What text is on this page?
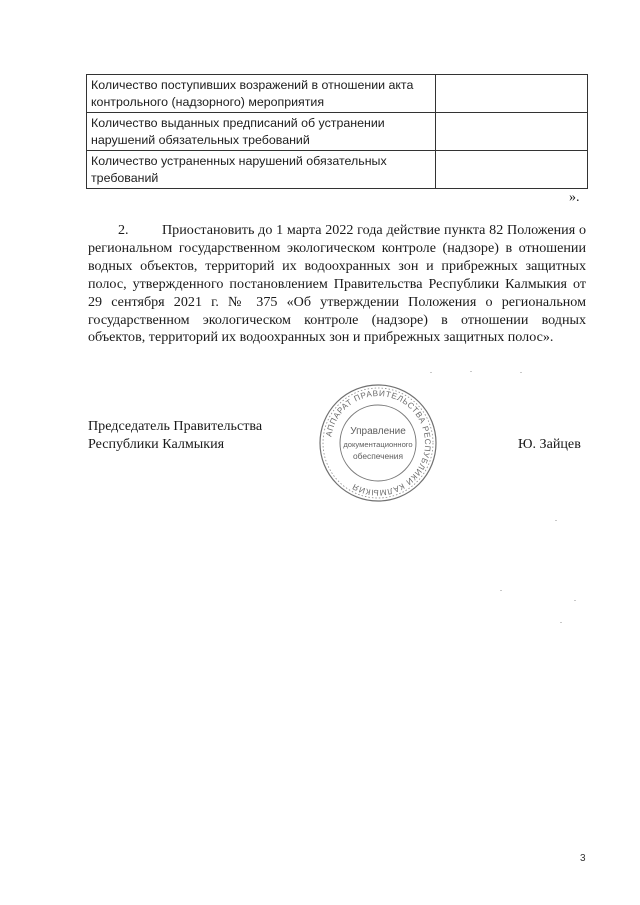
Количество поступивших возражений в отношении акта контрольного (надзорного) мероприятия	
Количество выданных предписаний об устранении нарушений обязательных требований	
Количество устраненных нарушений обязательных требований	
».
2. Приостановить до 1 марта 2022 года действие пункта 82 Положения о региональном государственном экологическом контроле (надзоре) в отношении водных объектов, территорий их водоохранных зон и прибрежных защитных полос, утвержденного постановлением Правительства Республики Калмыкия от 29 сентября 2021 г. № 375 «Об утверждении Положения о региональном государственном экологическом контроле (надзоре) в отношении водных объектов, территорий их водоохранных зон и прибрежных защитных полос».
Председатель Правительства
Республики Калмыкия
АППАРАТ ПРАВИТЕЛЬСТВА РЕСПУБЛИКИ КАЛМЫКИЯ
Управление
документационного
обеспечения
Ю. Зайцев
3
